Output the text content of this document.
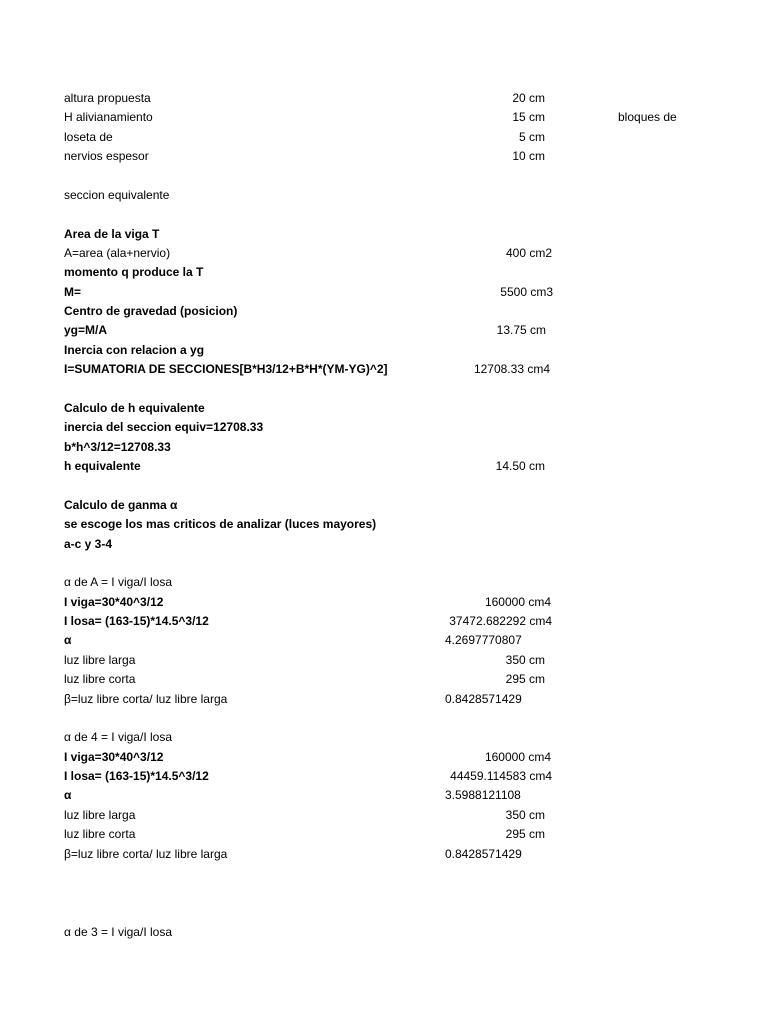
altura propuesta	20 cm
H alivianamiento	15 cm	bloques de
loseta de	5 cm
nervios espesor	10 cm
seccion equivalente
Area de la viga T
A=area (ala+nervio)	400 cm2
momento q produce la T
M=	5500 cm3
Centro de gravedad (posicion)
yg=M/A	13.75 cm
Inercia con relacion a yg
I=SUMATORIA DE SECCIONES[B*H3/12+B*H*(YM-YG)^2]	12708.33 cm4
Calculo de h equivalente
inercia del seccion equiv=12708.33
b*h^3/12=12708.33
h equivalente	14.50 cm
Calculo de ganma α
se escoge los mas criticos de analizar (luces mayores)
a-c y 3-4
α de A = I viga/I losa
I viga=30*40^3/12	160000 cm4
I losa= (163-15)*14.5^3/12	37472.682292 cm4
α	4.2697770807
luz libre larga	350 cm
luz libre corta	295 cm
β=luz libre corta/ luz libre larga	0.8428571429
α de 4 = I viga/I losa
I viga=30*40^3/12	160000 cm4
I losa= (163-15)*14.5^3/12	44459.114583 cm4
α	3.5988121108
luz libre larga	350 cm
luz libre corta	295 cm
β=luz libre corta/ luz libre larga	0.8428571429
α de 3 = I viga/I losa
